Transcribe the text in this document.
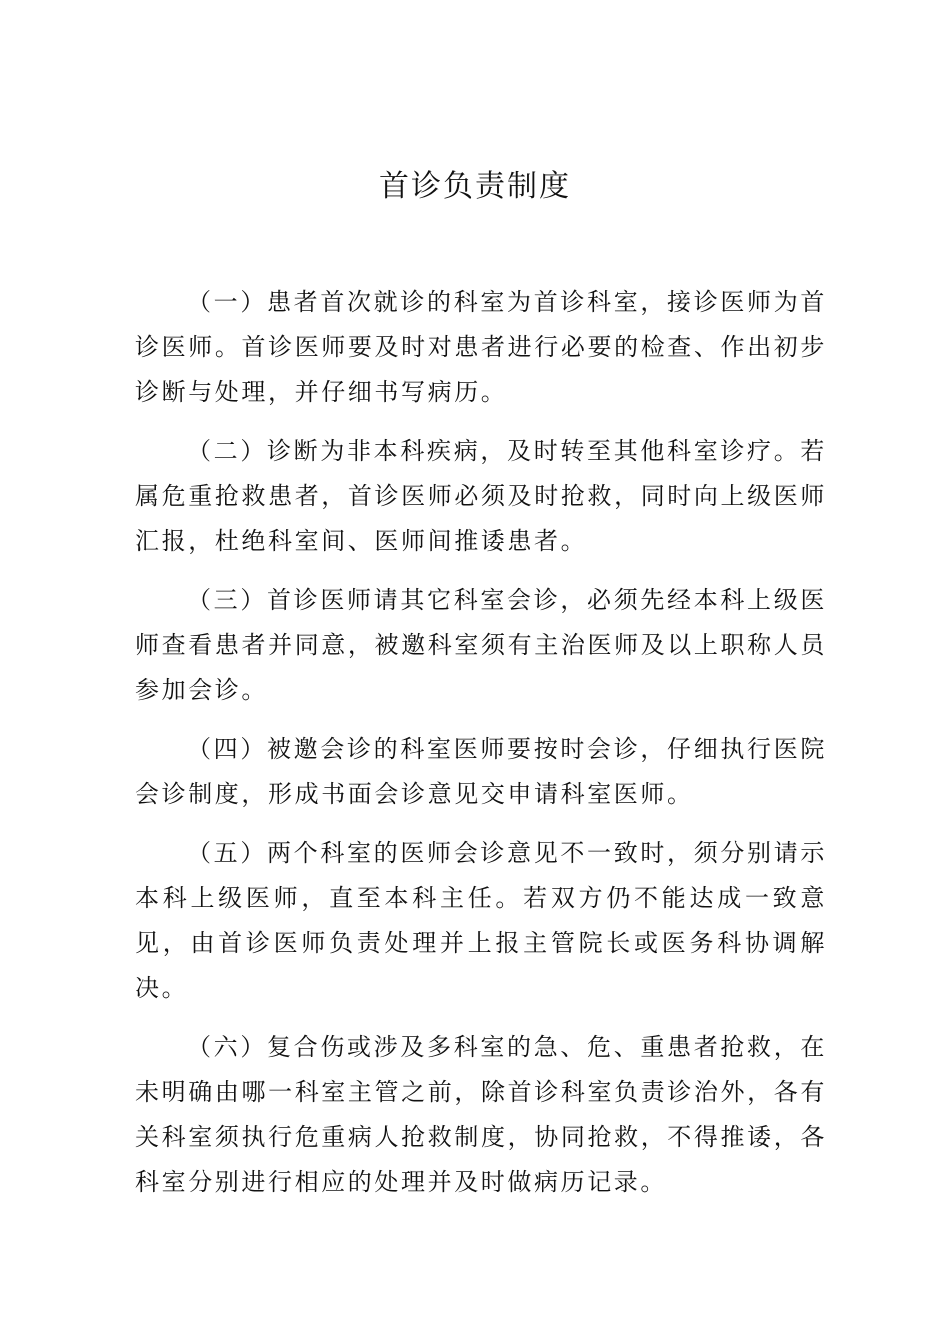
首诊负责制度

（一）患者首次就诊的科室为首诊科室，接诊医师为首诊医师。首诊医师要及时对患者进行必要的检查、作出初步诊断与处理，并仔细书写病历。

（二）诊断为非本科疾病，及时转至其他科室诊疗。若属危重抢救患者，首诊医师必须及时抢救，同时向上级医师汇报，杜绝科室间、医师间推诿患者。

（三）首诊医师请其它科室会诊，必须先经本科上级医师查看患者并同意，被邀科室须有主治医师及以上职称人员参加会诊。

（四）被邀会诊的科室医师要按时会诊，仔细执行医院会诊制度，形成书面会诊意见交申请科室医师。

（五）两个科室的医师会诊意见不一致时，须分别请示本科上级医师，直至本科主任。若双方仍不能达成一致意见，由首诊医师负责处理并上报主管院长或医务科协调解决。

（六）复合伤或涉及多科室的急、危、重患者抢救，在未明确由哪一科室主管之前，除首诊科室负责诊治外，各有关科室须执行危重病人抢救制度，协同抢救，不得推诿，各科室分别进行相应的处理并及时做病历记录。
